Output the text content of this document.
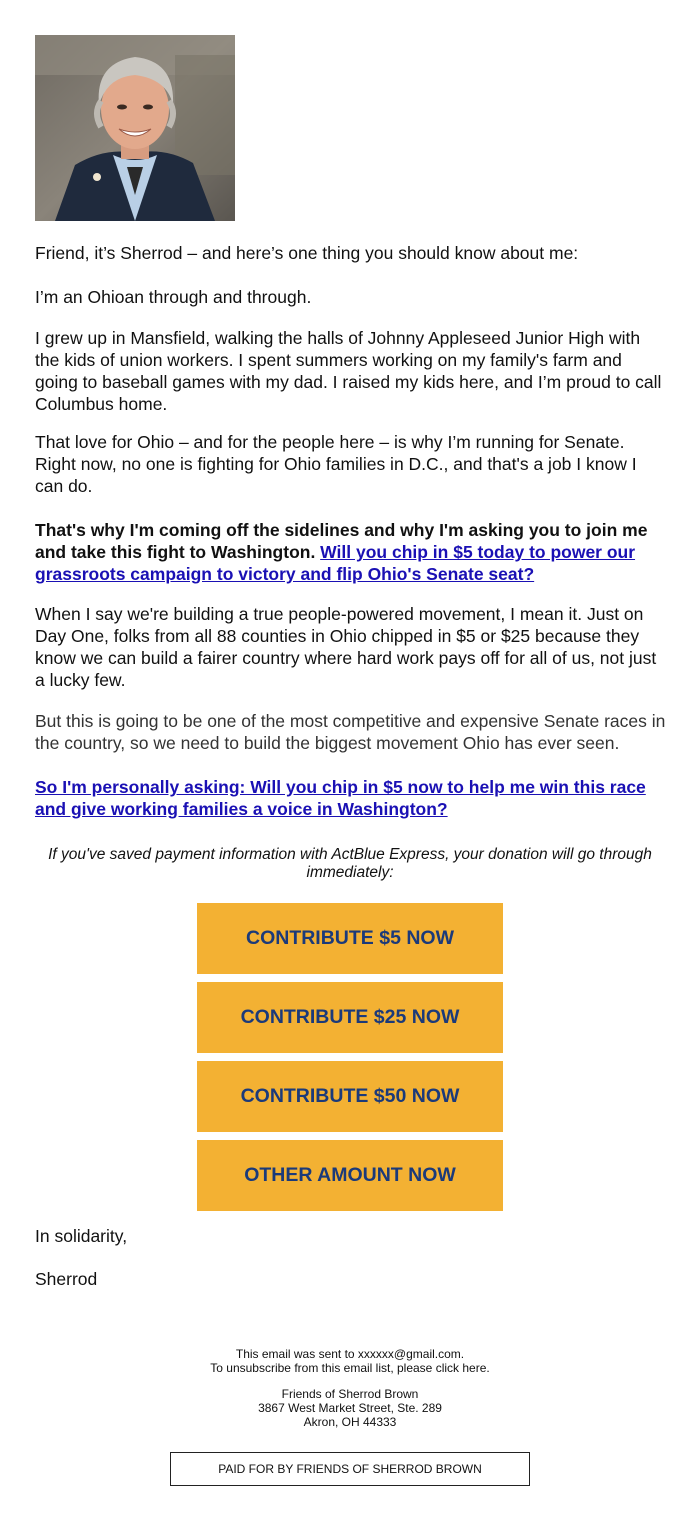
Friend, it’s Sherrod – and here’s one thing you should know about me:

I’m an Ohioan through and through.

I grew up in Mansfield, walking the halls of Johnny Appleseed Junior High with the kids of union workers. I spent summers working on my family's farm and going to baseball games with my dad. I raised my kids here, and I’m proud to call Columbus home.

That love for Ohio – and for the people here – is why I’m running for Senate. Right now, no one is fighting for Ohio families in D.C., and that's a job I know I can do.

That's why I'm coming off the sidelines and why I'm asking you to join me and take this fight to Washington. Will you chip in $5 today to power our grassroots campaign to victory and flip Ohio's Senate seat?

When I say we're building a true people-powered movement, I mean it. Just on Day One, folks from all 88 counties in Ohio chipped in $5 or $25 because they know we can build a fairer country where hard work pays off for all of us, not just a lucky few.

But this is going to be one of the most competitive and expensive Senate races in the country, so we need to build the biggest movement Ohio has ever seen.

So I'm personally asking: Will you chip in $5 now to help me win this race and give working families a voice in Washington?

If you've saved payment information with ActBlue Express, your donation will go through immediately:
CONTRIBUTE $5 NOW
CONTRIBUTE $25 NOW
CONTRIBUTE $50 NOW
OTHER AMOUNT NOW
In solidarity,
Sherrod
This email was sent to xxxxxx@gmail.com.
To unsubscribe from this email list, please click here.
Friends of Sherrod Brown
3867 West Market Street, Ste. 289
Akron, OH 44333
PAID FOR BY FRIENDS OF SHERROD BROWN
